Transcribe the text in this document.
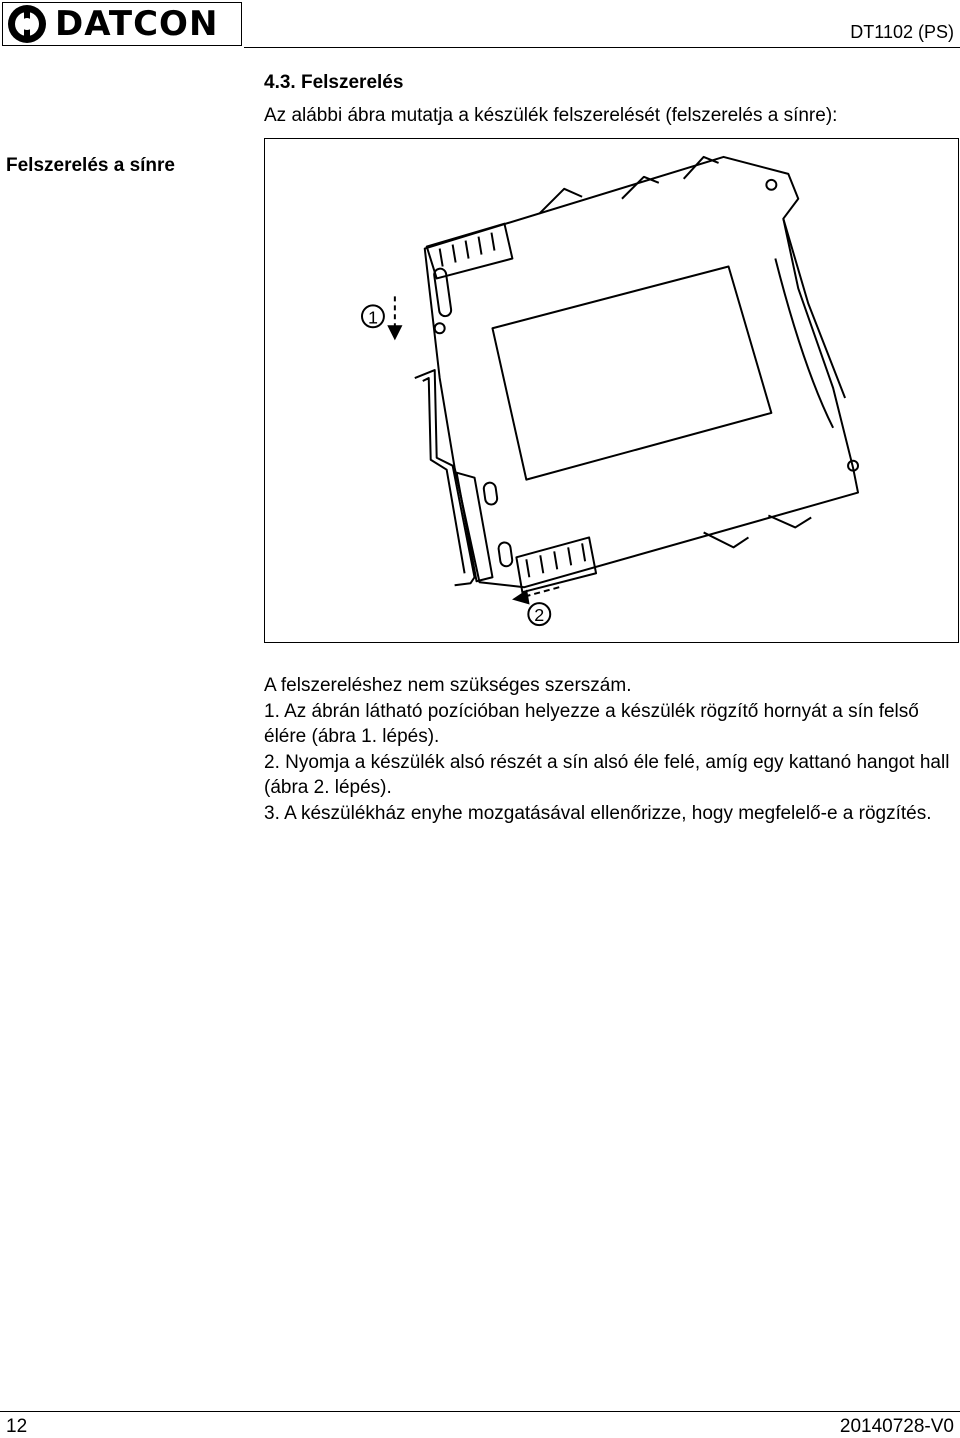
DATCON	DT1102 (PS)
4.3. Felszerelés
Az alábbi ábra mutatja a készülék felszerelését (felszerelés a sínre):
Felszerelés a sínre
1
2

A felszereléshez nem szükséges szerszám.

1. Az ábrán látható pozícióban helyezze a készülék rögzítő hornyát a sín felső élére (ábra 1. lépés).

2. Nyomja a készülék alsó részét a sín alsó éle felé, amíg egy kattanó hangot hall (ábra 2. lépés).

3. A készülékház enyhe mozgatásával ellenőrizze, hogy megfelelő-e a rögzítés.

12	20140728-V0
